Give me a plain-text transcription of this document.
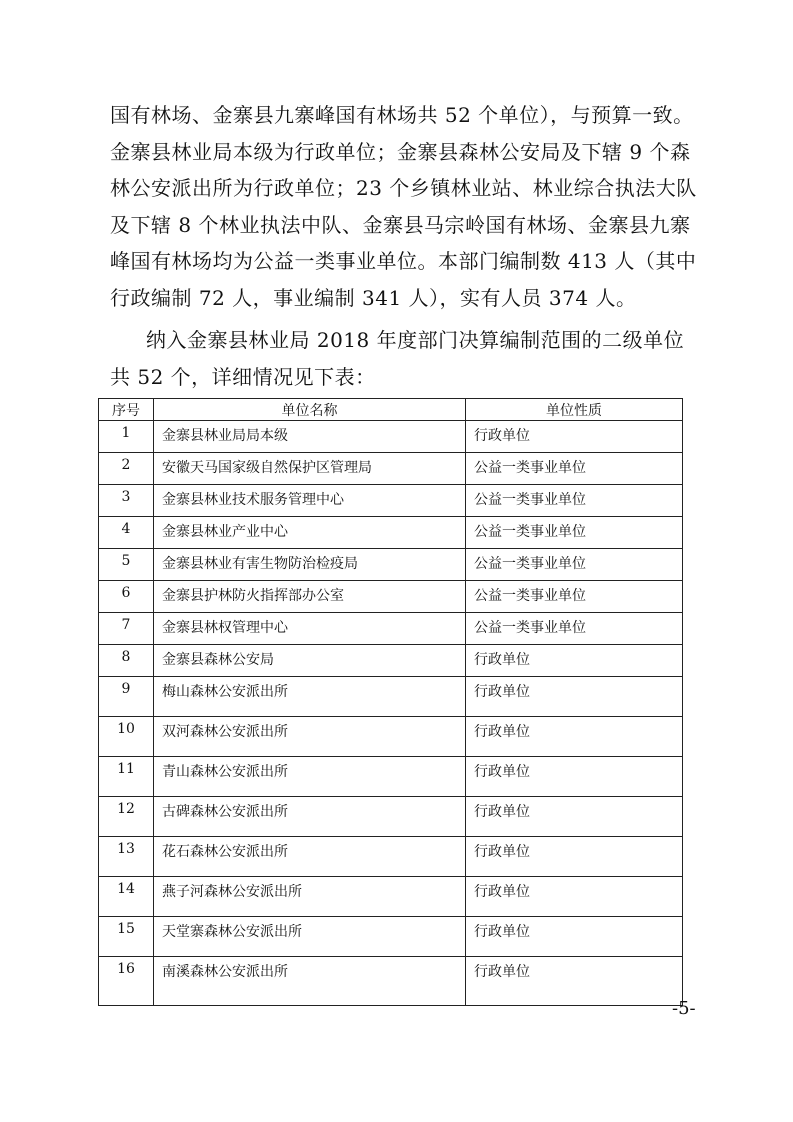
国有林场、金寨县九寨峰国有林场共 52 个单位），与预算一致。
金寨县林业局本级为行政单位；金寨县森林公安局及下辖 9 个森
林公安派出所为行政单位；23 个乡镇林业站、林业综合执法大队
及下辖 8 个林业执法中队、金寨县马宗岭国有林场、金寨县九寨
峰国有林场均为公益一类事业单位。本部门编制数 413 人（其中
行政编制 72 人，事业编制 341 人），实有人员 374 人。
纳入金寨县林业局 2018 年度部门决算编制范围的二级单位
共 52 个，详细情况见下表：
序号	单位名称	单位性质
1	金寨县林业局局本级	行政单位
2	安徽天马国家级自然保护区管理局	公益一类事业单位
3	金寨县林业技术服务管理中心	公益一类事业单位
4	金寨县林业产业中心	公益一类事业单位
5	金寨县林业有害生物防治检疫局	公益一类事业单位
6	金寨县护林防火指挥部办公室	公益一类事业单位
7	金寨县林权管理中心	公益一类事业单位
8	金寨县森林公安局	行政单位
9	梅山森林公安派出所	行政单位
10	双河森林公安派出所	行政单位
11	青山森林公安派出所	行政单位
12	古碑森林公安派出所	行政单位
13	花石森林公安派出所	行政单位
14	燕子河森林公安派出所	行政单位
15	天堂寨森林公安派出所	行政单位
16	南溪森林公安派出所	行政单位
-5-
